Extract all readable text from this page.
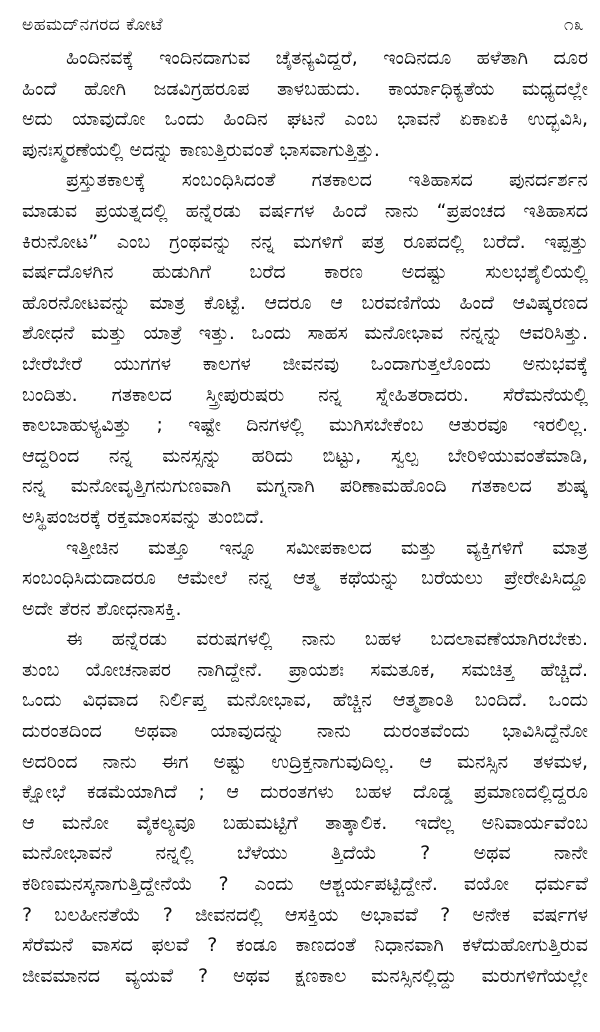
ಅಹಮದ್‌ನಗರದ ಕೋಟೆ	೧೩
ಹಿಂದಿನವಕ್ಕೆ ಇಂದಿನದಾಗುವ ಚೈತನ್ಯವಿದ್ದರೆ, ಇಂದಿನದೂ ಹಳೆತಾಗಿ ದೂರ
ಹಿಂದೆ ಹೋಗಿ ಜಡವಿಗ್ರಹರೂಪ ತಾಳಬಹುದು. ಕಾರ್ಯಾಧಿಕ್ಯತೆಯ ಮಧ್ಯದಲ್ಲೇ
ಅದು ಯಾವುದೋ ಒಂದು ಹಿಂದಿನ ಘಟನೆ ಎಂಬ ಭಾವನೆ ಏಕಾಏಕಿ ಉದ್ಭವಿಸಿ,
ಪುನಃಸ್ಮರಣೆಯಲ್ಲಿ ಅದನ್ನು ಕಾಣುತ್ತಿರುವಂತೆ ಭಾಸವಾಗುತ್ತಿತ್ತು.
ಪ್ರಸ್ತುತಕಾಲಕ್ಕೆ ಸಂಬಂಧಿಸಿದಂತೆ ಗತಕಾಲದ ಇತಿಹಾಸದ ಪುನರ್ದರ್ಶನ
ಮಾಡುವ ಪ್ರಯತ್ನದಲ್ಲಿ ಹನ್ನೆರಡು ವರ್ಷಗಳ ಹಿಂದೆ ನಾನು “ಪ್ರಪಂಚದ ಇತಿಹಾಸದ
ಕಿರುನೋಟ” ಎಂಬ ಗ್ರಂಥವನ್ನು ನನ್ನ ಮಗಳಿಗೆ ಪತ್ರ ರೂಪದಲ್ಲಿ ಬರೆದೆ. ಇಪ್ಪತ್ತು
ವರ್ಷದೊಳಗಿನ ಹುಡುಗಿಗೆ ಬರೆದ ಕಾರಣ ಅದಷ್ಟು ಸುಲಭಶೈಲಿಯಲ್ಲಿ
ಹೊರನೋಟವನ್ನು ಮಾತ್ರ ಕೊಟ್ಟೆ. ಆದರೂ ಆ ಬರವಣಿಗೆಯ ಹಿಂದೆ ಆವಿಷ್ಕರಣದ
ಶೋಧನೆ ಮತ್ತು ಯಾತ್ರೆ ಇತ್ತು. ಒಂದು ಸಾಹಸ ಮನೋಭಾವ ನನ್ನನ್ನು ಆವರಿಸಿತ್ತು.
ಬೇರೆಬೇರೆ ಯುಗಗಳ ಕಾಲಗಳ ಜೀವನವು ಒಂದಾಗುತ್ತಲೊಂದು ಅನುಭವಕ್ಕೆ
ಬಂದಿತು. ಗತಕಾಲದ ಸ್ತ್ರೀಪುರುಷರು ನನ್ನ ಸ್ನೇಹಿತರಾದರು. ಸೆರೆಮನೆಯಲ್ಲಿ
ಕಾಲಬಾಹುಳ್ಯವಿತ್ತು ; ಇಷ್ಟೇ ದಿನಗಳಲ್ಲಿ ಮುಗಿಸಬೇಕೆಂಬ ಆತುರವೂ ಇರಲಿಲ್ಲ.
ಆದ್ದರಿಂದ ನನ್ನ ಮನಸ್ಸನ್ನು ಹರಿದು ಬಿಟ್ಟು, ಸ್ವಲ್ಪ ಬೇರಿಳಿಯುವಂತೆಮಾಡಿ,
ನನ್ನ ಮನೋವೃತ್ತಿಗನುಗುಣವಾಗಿ ಮಗ್ನನಾಗಿ ಪರಿಣಾಮಹೊಂದಿ ಗತಕಾಲದ ಶುಷ್ಕ
ಅಸ್ಥಿಪಂಜರಕ್ಕೆ ರಕ್ತಮಾಂಸವನ್ನು ತುಂಬಿದೆ.
ಇತ್ತೀಚಿನ ಮತ್ತೂ ಇನ್ನೂ ಸಮೀಪಕಾಲದ ಮತ್ತು ವ್ಯಕ್ತಿಗಳಿಗೆ ಮಾತ್ರ
ಸಂಬಂಧಿಸಿದುದಾದರೂ ಆಮೇಲೆ ನನ್ನ ಆತ್ಮ ಕಥೆಯನ್ನು ಬರೆಯಲು ಪ್ರೇರೇಪಿಸಿದ್ದೂ
ಅದೇ ತೆರನ ಶೋಧನಾಸಕ್ತಿ.
ಈ ಹನ್ನೆರಡು ವರುಷಗಳಲ್ಲಿ ನಾನು ಬಹಳ ಬದಲಾವಣೆಯಾಗಿರಬೇಕು.
ತುಂಬ ಯೋಚನಾಪರ ನಾಗಿದ್ದೇನೆ. ಪ್ರಾಯಶಃ ಸಮತೂಕ, ಸಮಚಿತ್ತ ಹೆಚ್ಚಿದೆ.
ಒಂದು ವಿಧವಾದ ನಿರ್ಲಿಪ್ತ ಮನೋಭಾವ, ಹೆಚ್ಚಿನ ಆತ್ಮಶಾಂತಿ ಬಂದಿದೆ. ಒಂದು
ದುರಂತದಿಂದ ಅಥವಾ ಯಾವುದನ್ನು ನಾನು ದುರಂತವೆಂದು ಭಾವಿಸಿದ್ದೆನೋ
ಅದರಿಂದ ನಾನು ಈಗ ಅಷ್ಟು ಉದ್ರಿಕ್ತನಾಗುವುದಿಲ್ಲ. ಆ ಮನಸ್ಸಿನ ತಳಮಳ,
ಕ್ಷೋಭೆ ಕಡಮೆಯಾಗಿದೆ ; ಆ ದುರಂತಗಳು ಬಹಳ ದೊಡ್ಡ ಪ್ರಮಾಣದಲ್ಲಿದ್ದರೂ
ಆ ಮನೋ ವೈಕಲ್ಯವೂ ಬಹುಮಟ್ಟಿಗೆ ತಾತ್ಕಾಲಿಕ. ಇದೆಲ್ಲ ಅನಿವಾರ್ಯವೆಂಬ
ಮನೋಭಾವನೆ ನನ್ನಲ್ಲಿ ಬೆಳೆಯು ತ್ತಿದೆಯೆ ? ಅಥವ ನಾನೇ
ಕಠಿಣಮನಸ್ಕನಾಗುತ್ತಿದ್ದೇನೆಯೆ ? ಎಂದು ಆಶ್ಚರ್ಯಪಟ್ಟಿದ್ದೇನೆ. ವಯೋ ಧರ್ಮವೆ
? ಬಲಹೀನತೆಯೆ ? ಜೀವನದಲ್ಲಿ ಆಸಕ್ತಿಯ ಅಭಾವವೆ ? ಅನೇಕ ವರ್ಷಗಳ
ಸೆರೆಮನೆ ವಾಸದ ಫಲವೆ ? ಕಂಡೂ ಕಾಣದಂತೆ ನಿಧಾನವಾಗಿ ಕಳೆದುಹೋಗುತ್ತಿರುವ
ಜೀವಮಾನದ ವ್ಯಯವೆ ? ಅಥವ ಕ್ಷಣಕಾಲ ಮನಸ್ಸಿನಲ್ಲಿದ್ದು ಮರುಗಳಿಗೆಯಲ್ಲೇ
